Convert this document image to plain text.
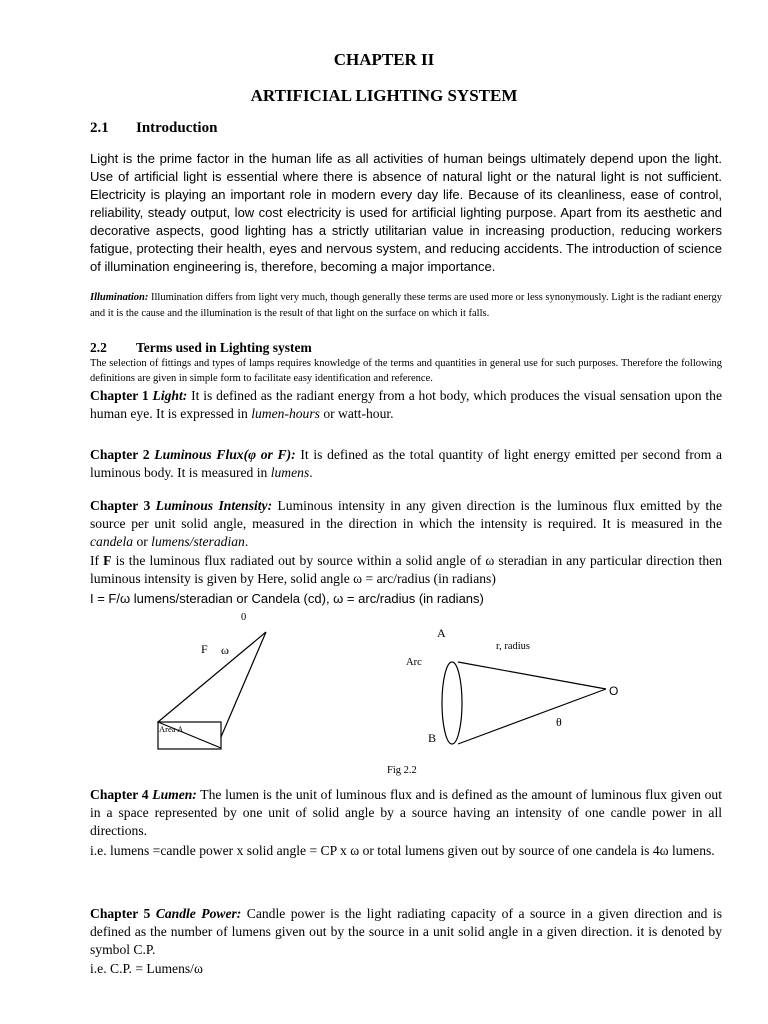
CHAPTER II
ARTIFICIAL LIGHTING SYSTEM
2.1 Introduction
Light is the prime factor in the human life as all activities of human beings ultimately depend upon the light. Use of artificial light is essential where there is absence of natural light or the natural light is not sufficient. Electricity is playing an important role in modern every day life. Because of its cleanliness, ease of control, reliability, steady output, low cost electricity is used for artificial lighting purpose. Apart from its aesthetic and decorative aspects, good lighting has a strictly utilitarian value in increasing production, reducing workers fatigue, protecting their health, eyes and nervous system, and reducing accidents. The introduction of science of illumination engineering is, therefore, becoming a major importance.
Illumination: Illumination differs from light very much, though generally these terms are used more or less synonymously. Light is the radiant energy and it is the cause and the illumination is the result of that light on the surface on which it falls.
2.2 Terms used in Lighting system
The selection of fittings and types of lamps requires knowledge of the terms and quantities in general use for such purposes. Therefore the following definitions are given in simple form to facilitate easy identification and reference.
Chapter 1 Light: It is defined as the radiant energy from a hot body, which produces the visual sensation upon the human eye. It is expressed in lumen-hours or watt-hour.
Chapter 2 Luminous Flux(φ or F): It is defined as the total quantity of light energy emitted per second from a luminous body. It is measured in lumens.
Chapter 3 Luminous Intensity: Luminous intensity in any given direction is the luminous flux emitted by the source per unit solid angle, measured in the direction in which the intensity is required. It is measured in the candela or lumens/steradian.
If F is the luminous flux radiated out by source within a solid angle of ω steradian in any particular direction then luminous intensity is given by Here, solid angle ω = arc/radius (in radians)
I = F/ω lumens/steradian or Candela (cd), ω = arc/radius (in radians)
0
F ω
Area A
A
r, radius
Arc
O
θ
B
Fig 2.2
Chapter 4 Lumen: The lumen is the unit of luminous flux and is defined as the amount of luminous flux given out in a space represented by one unit of solid angle by a source having an intensity of one candle power in all directions.
i.e. lumens =candle power x solid angle = CP x ω or total lumens given out by source of one candela is 4ω lumens.
Chapter 5 Candle Power: Candle power is the light radiating capacity of a source in a given direction and is defined as the number of lumens given out by the source in a unit solid angle in a given direction. it is denoted by symbol C.P.
i.e. C.P. = Lumens/ω
